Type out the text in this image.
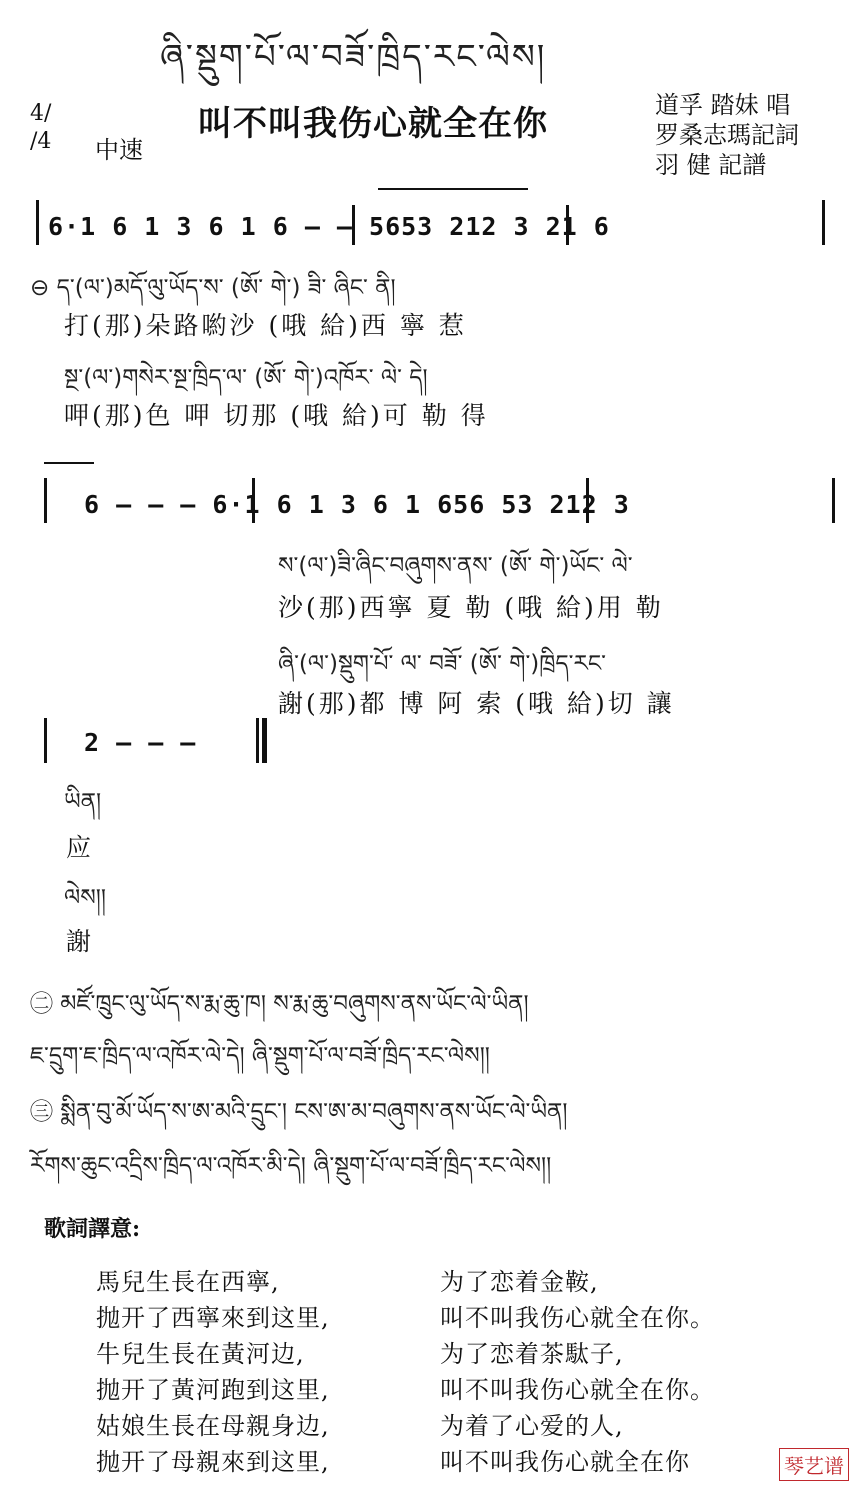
ཞི་སྡུག་པོ་ལ་བཟོ་ཁྲིད་རང་ལེས།
叫不叫我伤心就全在你	道孚 踏妹 唱
罗桑志瑪記詞
羽 健 記譜
4/
/4 中速
6·1 6 1 3 6 1 6 — — 5653 212 3 21 6
⊖ ད་(ལ་)མདོ་ལུ་ཡོད་ས་ (ཨོ་ གེ་) ཟི་ ཞིང་ ནི།
打(那)朵路喲沙 (哦 給)西 寧 惹
སྔ་(ལ་)གསེར་སྔ་ཁྲིད་ལ་ (ཨོ་ གེ་)འཁོར་ ལེ་ དེ།
呷(那)色 呷 切那 (哦 給)可 勒 得
6 — — — 6·1 6 1 3 6 1 656 53 212 3
ས་(ལ་)ཟི་ཞིང་བཞུགས་ནས་ (ཨོ་ གེ་)ཡོང་ ལེ་
沙(那)西寧 夏 勒 (哦 給)用 勒
ཞི་(ལ་)སྡུག་པོ་ ལ་ བཟོ་ (ཨོ་ གེ་)ཁྲིད་རང་
謝(那)都 博 阿 索 (哦 給)切 讓
2 — — —
ཡིན།
应
ལེས།།
謝
㊁ མཛོ་ཁྲུང་ལུ་ཡོད་ས་རྨ་ཆུ་ཁ། ས་རྨ་ཆུ་བཞུགས་ནས་ཡོང་ལེ་ཡིན།
ཇ་དྲུག་ཇ་ཁྲིད་ལ་འཁོར་ལེ་དེ། ཞི་སྡུག་པོ་ལ་བཟོ་ཁྲིད་རང་ལེས།།
㊂ སྨིན་བུ་མོ་ཡོད་ས་ཨ་མའི་དྲུང་། ངས་ཨ་མ་བཞུགས་ནས་ཡོང་ལེ་ཡིན།
རོགས་ཆུང་འདྲིས་ཁྲིད་ལ་འཁོར་མི་དེ། ཞི་སྡུག་པོ་ལ་བཟོ་ཁྲིད་རང་ལེས།།
歌詞譯意:
馬兒生長在西寧,
抛开了西寧來到这里,
牛兒生長在黃河边,
抛开了黃河跑到这里,
姑娘生長在母親身边,
抛开了母親來到这里,
为了恋着金鞍,
叫不叫我伤心就全在你。
为了恋着茶駄子,
叫不叫我伤心就全在你。
为着了心爱的人,
叫不叫我伤心就全在你	琴艺谱
